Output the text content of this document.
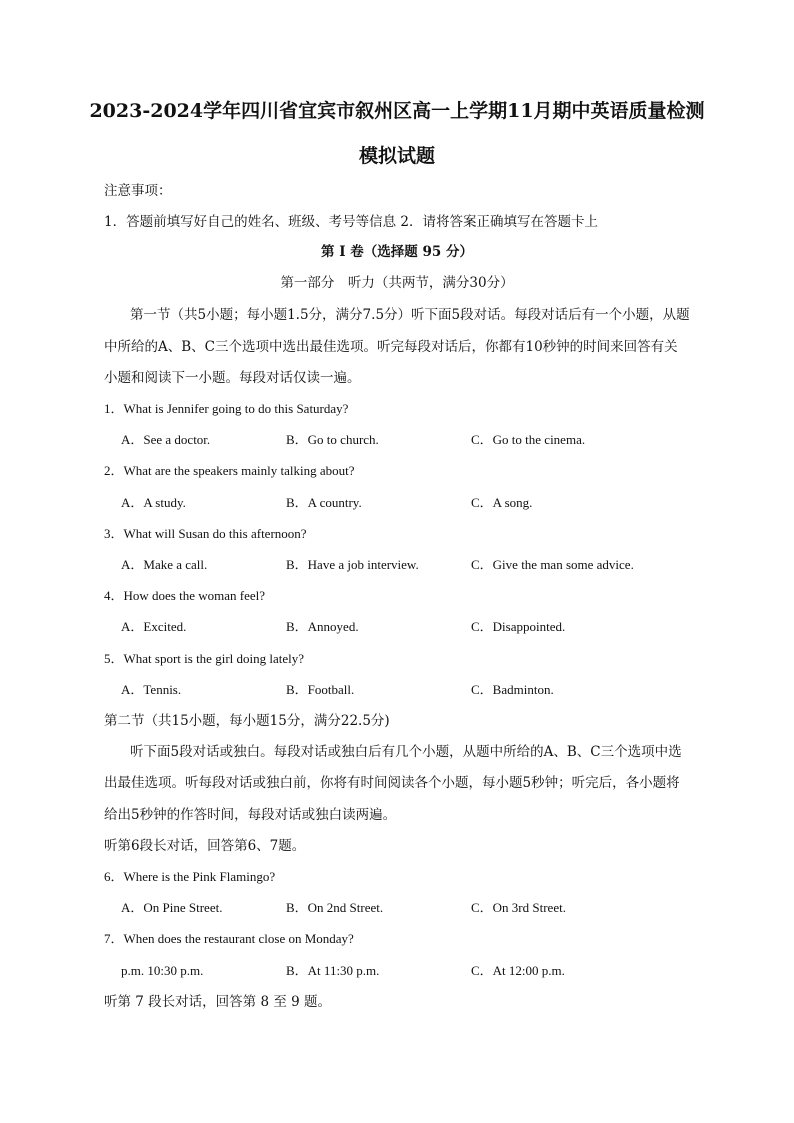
2023-2024学年四川省宜宾市叙州区高一上学期11月期中英语质量检测
模拟试题
注意事项：
1．答题前填写好自己的姓名、班级、考号等信息 2．请将答案正确填写在答题卡上
第 I 卷（选择题 95 分）
第一部分　听力（共两节，满分30分）
第一节（共5小题；每小题1.5分，满分7.5分）听下面5段对话。每段对话后有一个小题，从题
中所给的A、B、C三个选项中选出最佳选项。听完每段对话后，你都有10秒钟的时间来回答有关
小题和阅读下一小题。每段对话仅读一遍。
1．What is Jennifer going to do this Saturday?
A．See a doctor.	B．Go to church.	C．Go to the cinema.
2．What are the speakers mainly talking about?
A．A study.	B．A country.	C．A song.
3．What will Susan do this afternoon?
A．Make a call.	B．Have a job interview.	C．Give the man some advice.
4．How does the woman feel?
A．Excited.	B．Annoyed.	C．Disappointed.
5．What sport is the girl doing lately?
A．Tennis.	B．Football.	C．Badminton.
第二节（共15小题，每小题15分，满分22.5分)
听下面5段对话或独白。每段对话或独白后有几个小题，从题中所给的A、B、C三个选项中选
出最佳选项。听每段对话或独白前，你将有时间阅读各个小题，每小题5秒钟；听完后，各小题将
给出5秒钟的作答时间，每段对话或独白读两遍。
听第6段长对话，回答第6、7题。
6．Where is the Pink Flamingo?
A．On Pine Street.	B．On 2nd Street.	C．On 3rd Street.
7．When does the restaurant close on Monday?
p.m. 10:30 p.m.	B．At 11:30 p.m.	C．At 12:00 p.m.
听第 7 段长对话，回答第 8 至 9 题。
